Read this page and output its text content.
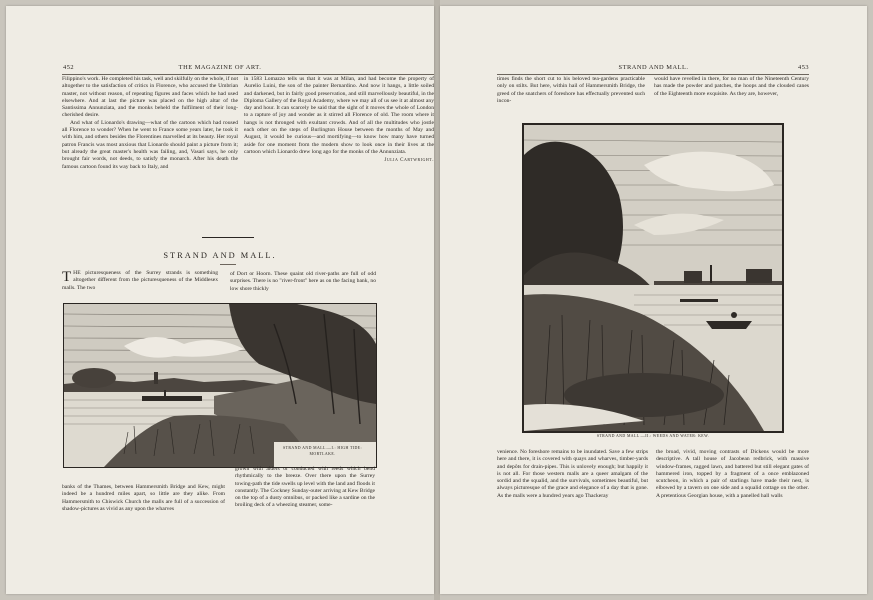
452	THE MAGAZINE OF ART.

Filippino's work. He completed his task, well and skilfully on the whole, if not altogether to the satisfaction of critics in Florence, who accused the Umbrian master, not without reason, of repeating figures and faces which he had used elsewhere. And at last the picture was placed on the high altar of the Santissima Annunziata, and the monks beheld the fulfilment of their long-cherished desire.

And what of Lionardo's drawing—what of the cartoon which had roused all Florence to wonder? When he went to France some years later, he took it with him, and others besides the Florentines marvelled at its beauty. Her royal patron Francis was most anxious that Lionardo should paint a picture from it; but already the great master's health was failing, and, Vasari says, he only brought fair words, not deeds, to satisfy the monarch. After his death the famous cartoon found its way back to Italy, and

in 1583 Lomazzo tells us that it was at Milan, and had become the property of Aurelio Luini, the son of the painter Bernardino. And now it hangs, a little soiled and darkened, but in fairly good preservation, and still marvellously beautiful, in the Diploma Gallery of the Royal Academy, where we may all of us see it at almost any day and hour. It can scarcely be said that the sight of it moves the whole of London to a rapture of joy and wonder as it stirred all Florence of old. The room where it hangs is not thronged with exultant crowds. And of all the multitudes who jostle each other on the steps of Burlington House between the months of May and August, it would be curious—and mortifying—to know how many have turned aside for one moment from the modern show to look once in their lives at the cartoon which Lionardo drew long ago for the monks of the Annunziata.

Julia Cartwright.
STRAND AND MALL.

THE picturesqueness of the Surrey strands is something altogether different from the picturesqueness of the Middlesex malls. The two

of Dort or Hoorn. These quaint old river-paths are full of odd surprises. There is no "river-front" here as on the facing bank, no low shore thickly

STRAND AND MALL.—I.: HIGH TIDE:
MORTLAKE.

grown with alders or conducted with reeds which bend rhythmically to the breeze. Over there upon the Surrey towing-path the tide swells up level with the land and floods it constantly. The Cockney Sunday-outer arriving at Kew Bridge on the top of a dusty omnibus, or packed like a sardine on the broiling deck of a wheezing steamer, some-

banks of the Thames, between Hammersmith Bridge and Kew, might indeed be a hundred miles apart, so little are they alike. From Hammersmith to Chiswick Church the malls are full of a succession of shadow-pictures as vivid as any upon the wharves

STRAND AND MALL.	453

times finds the short cut to his beloved tea-gardens practicable only on stilts. But here, within hail of Hammersmith Bridge, the greed of the snatchers of foreshore has effectually prevented such incon-

would have revelled in there, for no man of the Nineteenth Century has made the powder and patches, the hoops and the clouded canes of the Eighteenth more exquisite. As they are, however,

STRAND AND MALL.—II.: WEEDS AND WATER: KEW.

venience. No foreshore remains to be inundated. Save a few strips here and there, it is covered with quays and wharves, timber-yards and depôts for drain-pipes. This is unlovely enough; but happily it is not all. For those western malls are a queer amalgam of the sordid and the squalid, and the survivals, sometimes beautiful, but always picturesque of the grace and elegance of a day that is gone. As the malls were a hundred years ago Thackeray

the broad, vivid, moving contrasts of Dickens would be more descriptive. A tall house of Jacobean redbrick, with massive window-frames, ragged lawn, and battered but still elegant gates of hammered iron, topped by a fragment of a once emblazoned scutcheon, in which a pair of starlings have made their nest, is elbowed by a tavern on one side and a squalid cottage on the other. A pretentious Georgian house, with a panelled hall walls
